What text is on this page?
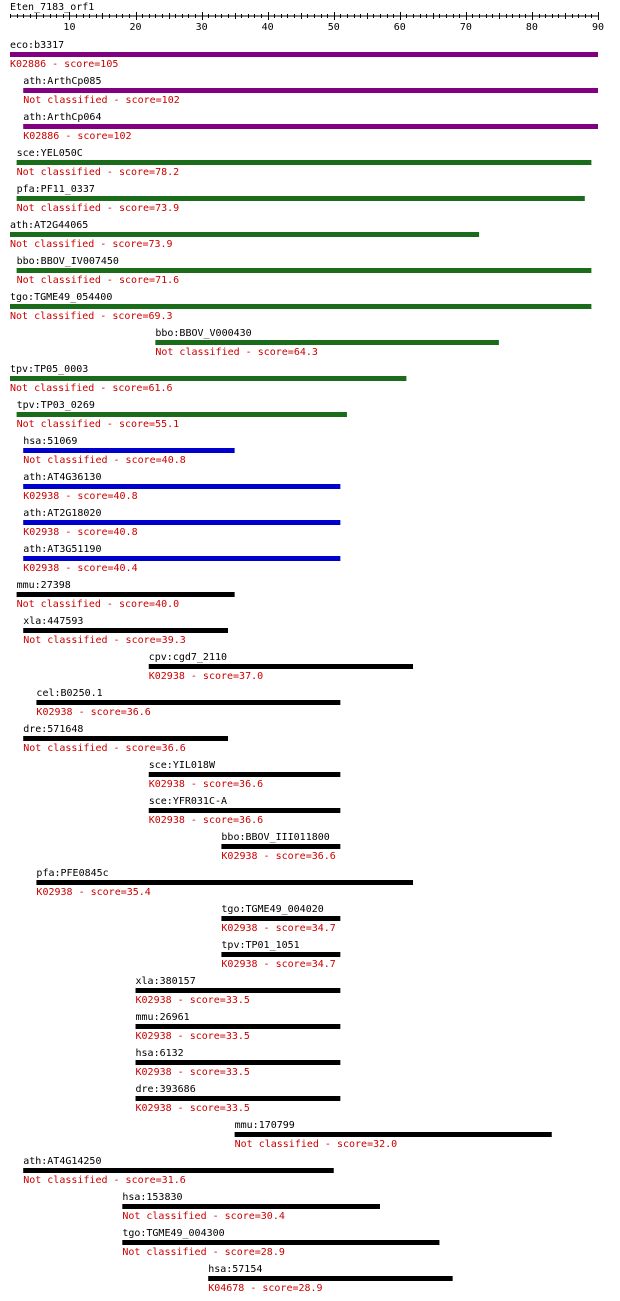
Eten_7183_orf1
10	20	30	40	50	60	70	80	90
eco:b3317
K02886 - score=105
ath:ArthCp085
Not classified - score=102
ath:ArthCp064
K02886 - score=102
sce:YEL050C
Not classified - score=78.2
pfa:PF11_0337
Not classified - score=73.9
ath:AT2G44065
Not classified - score=73.9
bbo:BBOV_IV007450
Not classified - score=71.6
tgo:TGME49_054400
Not classified - score=69.3
bbo:BBOV_V000430
Not classified - score=64.3
tpv:TP05_0003
Not classified - score=61.6
tpv:TP03_0269
Not classified - score=55.1
hsa:51069
Not classified - score=40.8
ath:AT4G36130
K02938 - score=40.8
ath:AT2G18020
K02938 - score=40.8
ath:AT3G51190
K02938 - score=40.4
mmu:27398
Not classified - score=40.0
xla:447593
Not classified - score=39.3
cpv:cgd7_2110
K02938 - score=37.0
cel:B0250.1
K02938 - score=36.6
dre:571648
Not classified - score=36.6
sce:YIL018W
K02938 - score=36.6
sce:YFR031C-A
K02938 - score=36.6
bbo:BBOV_III011800
K02938 - score=36.6
pfa:PFE0845c
K02938 - score=35.4
tgo:TGME49_004020
K02938 - score=34.7
tpv:TP01_1051
K02938 - score=34.7
xla:380157
K02938 - score=33.5
mmu:26961
K02938 - score=33.5
hsa:6132
K02938 - score=33.5
dre:393686
K02938 - score=33.5
mmu:170799
Not classified - score=32.0
ath:AT4G14250
Not classified - score=31.6
hsa:153830
Not classified - score=30.4
tgo:TGME49_004300
Not classified - score=28.9
hsa:57154
K04678 - score=28.9
